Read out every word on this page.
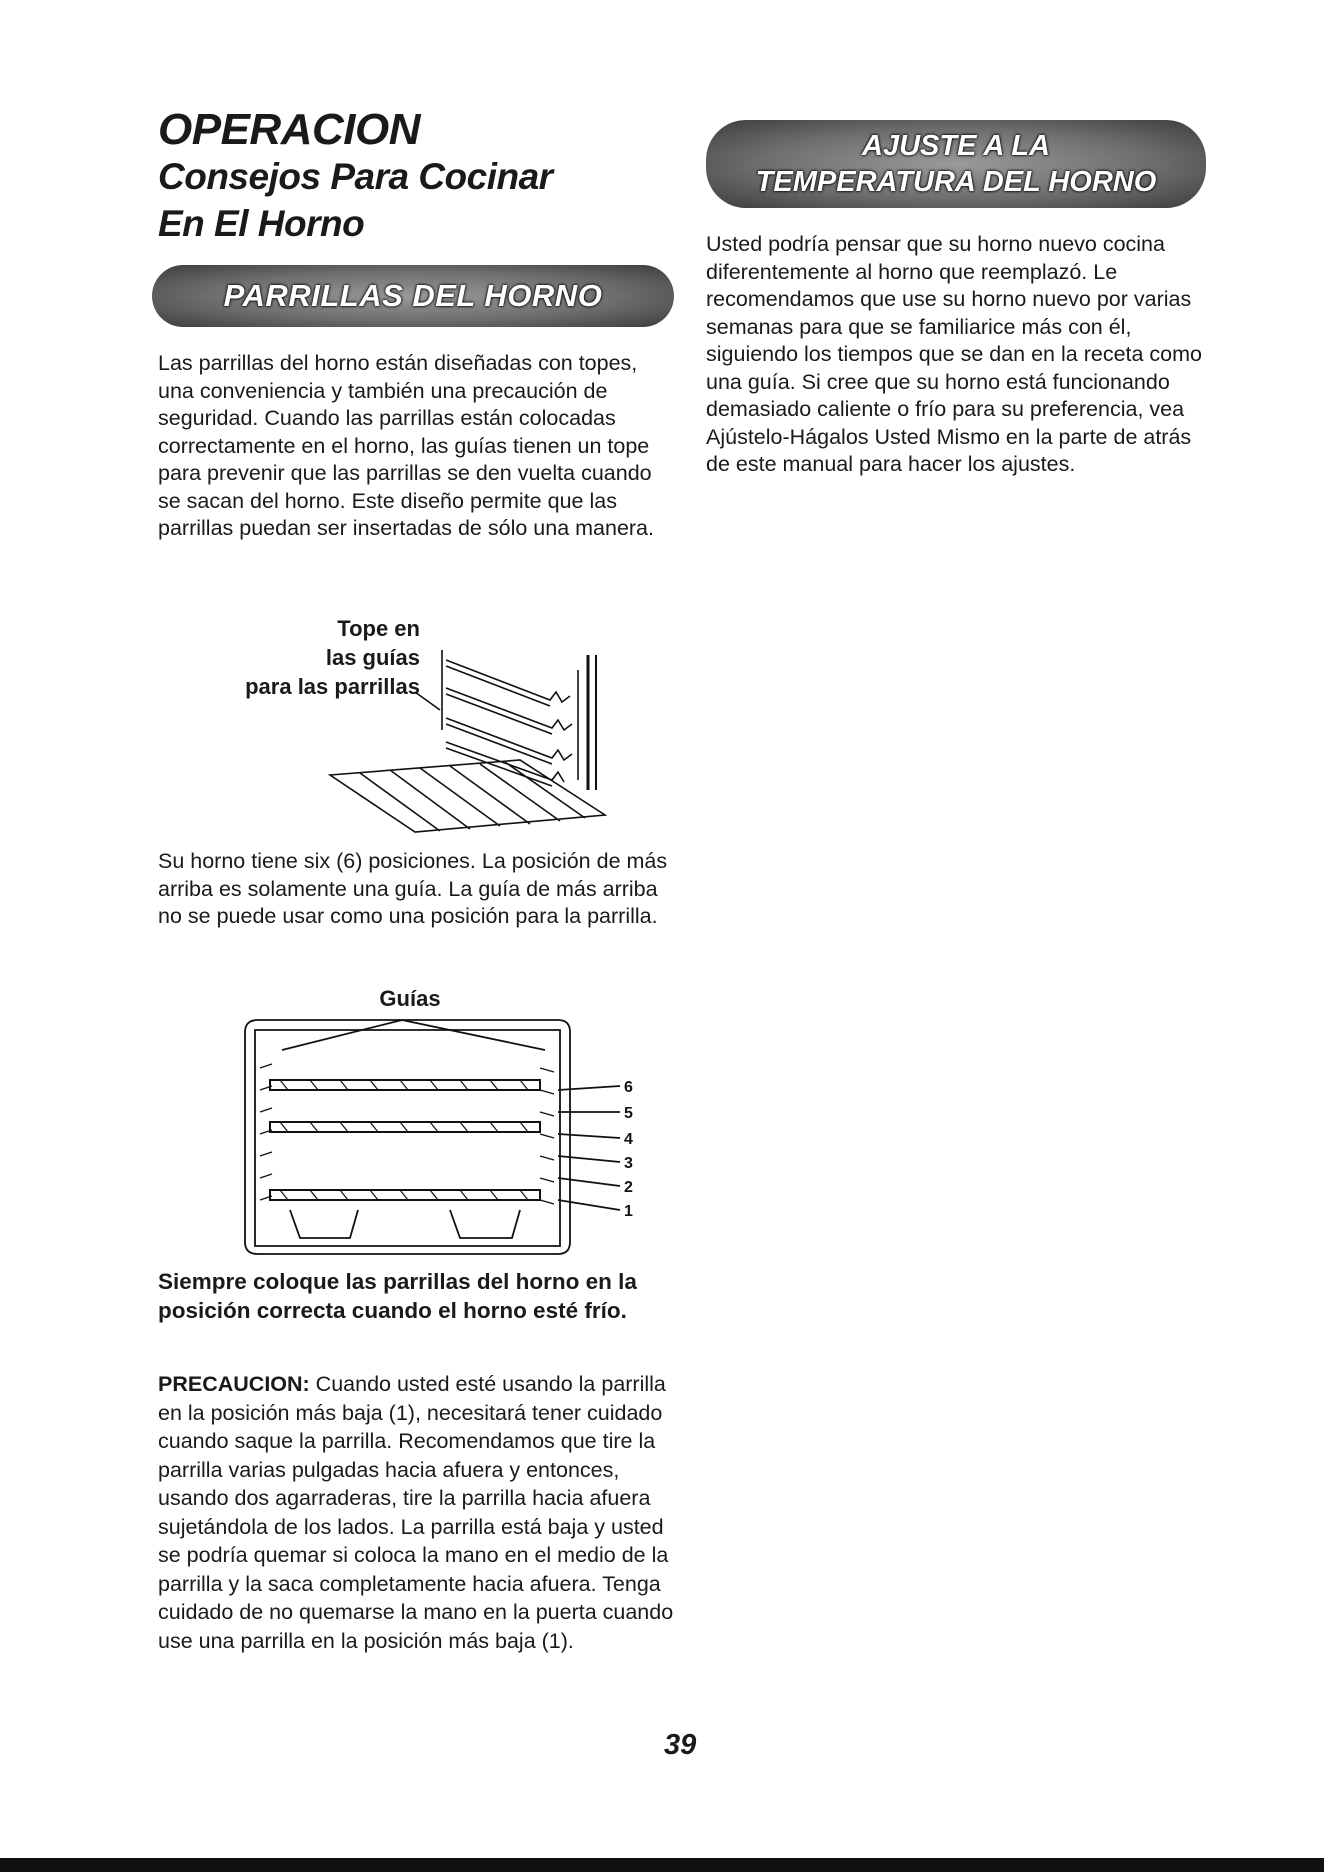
OPERACION
Consejos Para Cocinar
En El Horno
PARRILLAS DEL HORNO

Las parrillas del horno están diseñadas con topes, una conveniencia y también una precaución de seguridad. Cuando las parrillas están colocadas correctamente en el horno, las guías tienen un tope para prevenir que las parrillas se den vuelta cuando se sacan del horno. Este diseño permite que las parrillas puedan ser insertadas de sólo una manera.

Tope en
las guías
para las parrillas

Su horno tiene six (6) posiciones. La posición de más arriba es solamente una guía. La guía de más arriba no se puede usar como una posición para la parrilla.

Guías
6
5
4
3
2
1

Siempre coloque las parrillas del horno en la posición correcta cuando el horno esté frío.

PRECAUCION: Cuando usted esté usando la parrilla en la posición más baja (1), necesitará tener cuidado cuando saque la parrilla. Recomendamos que tire la parrilla varias pulgadas hacia afuera y entonces, usando dos agarraderas, tire la parrilla hacia afuera sujetándola de los lados. La parrilla está baja y usted se podría quemar si coloca la mano en el medio de la parrilla y la saca completamente hacia afuera. Tenga cuidado de no quemarse la mano en la puerta cuando use una parrilla en la posición más baja (1).

AJUSTE A LA
TEMPERATURA DEL HORNO

Usted podría pensar que su horno nuevo cocina diferentemente al horno que reemplazó. Le recomendamos que use su horno nuevo por varias semanas para que se familiarice más con él, siguiendo los tiempos que se dan en la receta como una guía. Si cree que su horno está funcionando demasiado caliente o frío para su preferencia, vea Ajústelo-Hágalos Usted Mismo en la parte de atrás de este manual para hacer los ajustes.

39
